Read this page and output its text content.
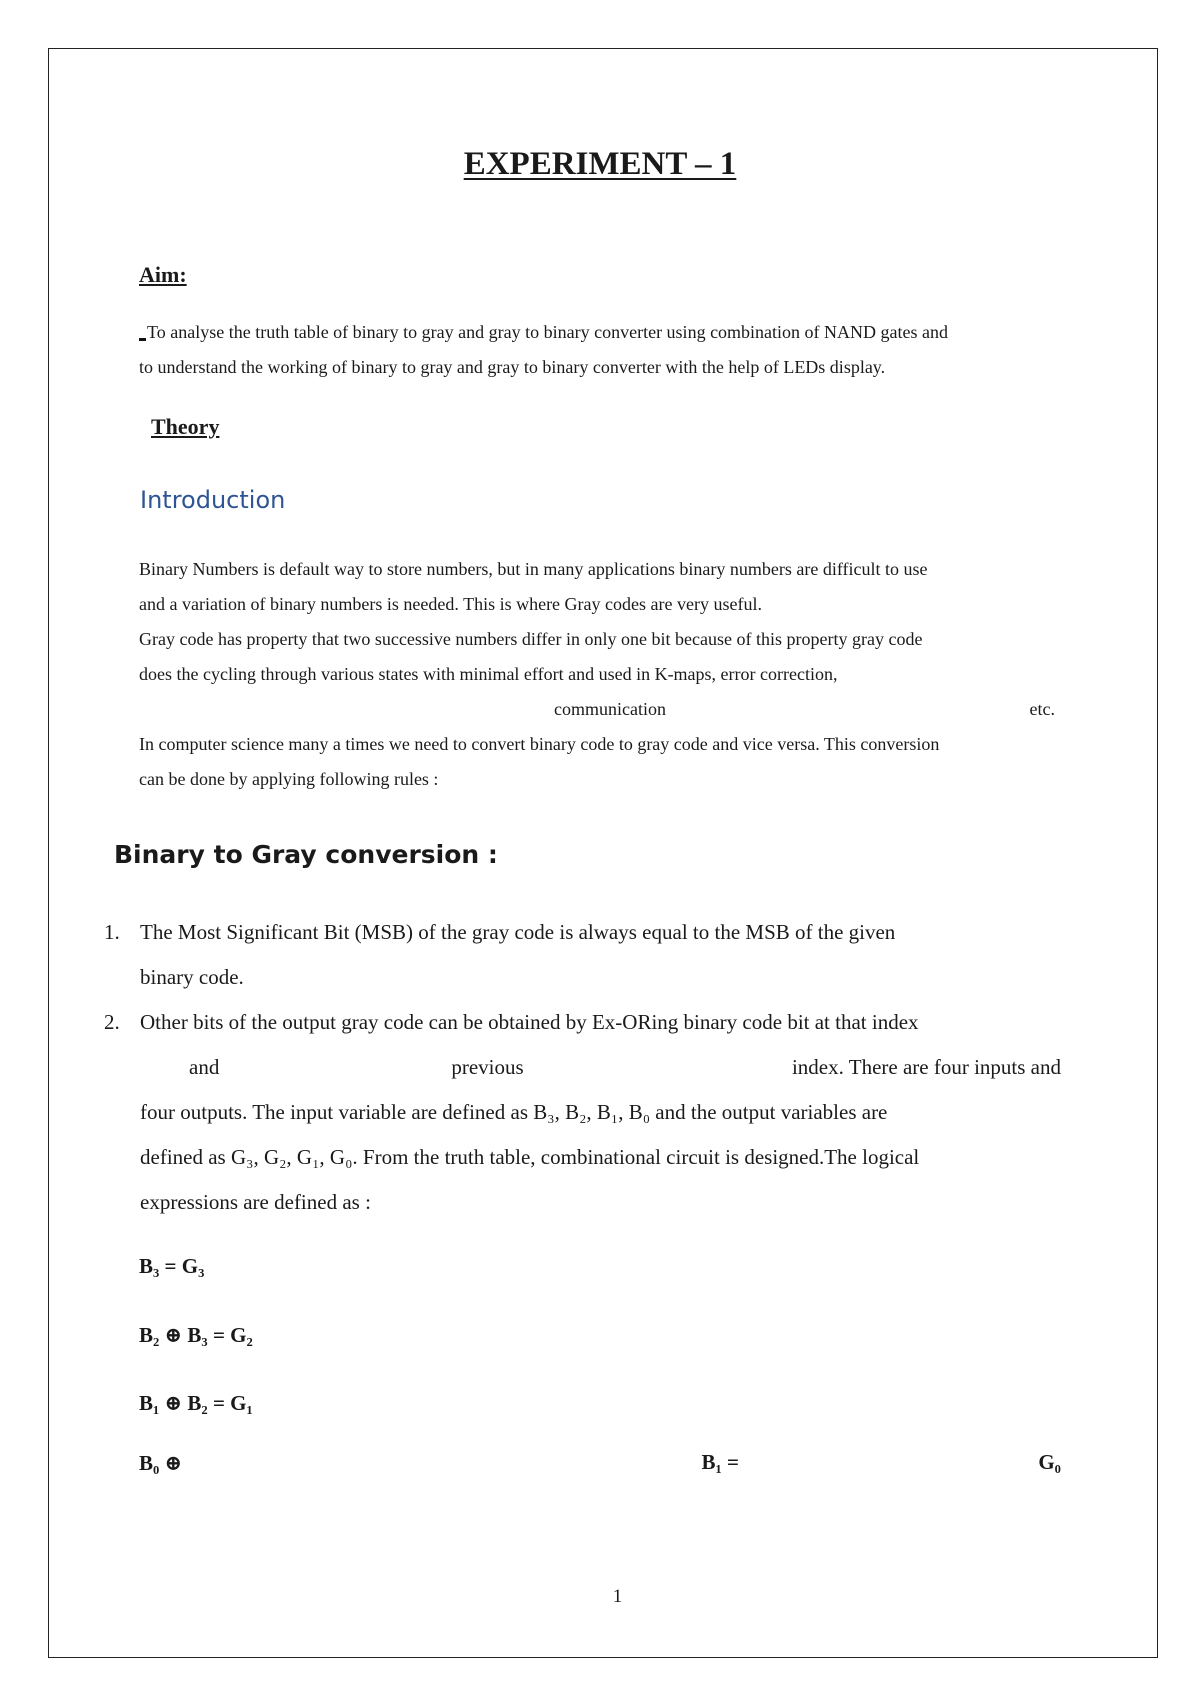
EXPERIMENT – 1
Aim:
To analyse the truth table of binary to gray and gray to binary converter using combination of NAND gates and
to understand the working of binary to gray and gray to binary converter with the help of LEDs display.
Theory
Introduction
Binary Numbers is default way to store numbers, but in many applications binary numbers are difficult to use
and a variation of binary numbers is needed. This is where Gray codes are very useful.
Gray code has property that two successive numbers differ in only one bit because of this property gray code
does the cycling through various states with minimal effort and used in K-maps, error correction,
communication	etc.
In computer science many a times we need to convert binary code to gray code and vice versa. This conversion
can be done by applying following rules :
Binary to Gray conversion :
1. The Most Significant Bit (MSB) of the gray code is always equal to the MSB of the given
binary code.
2. Other bits of the output gray code can be obtained by Ex-ORing binary code bit at that index
and	previous	index. There are four inputs and
four outputs. The input variable are defined as B₃, B₂, B₁, B₀ and the output variables are
defined as G₃, G₂, G₁, G₀. From the truth table, combinational circuit is designed.The logical
expressions are defined as :
B₃ = G₃
B₂ ⊕ B₃ = G₂
B₁ ⊕ B₂ = G₁
B₀ ⊕	B₁ =	G₀
1
